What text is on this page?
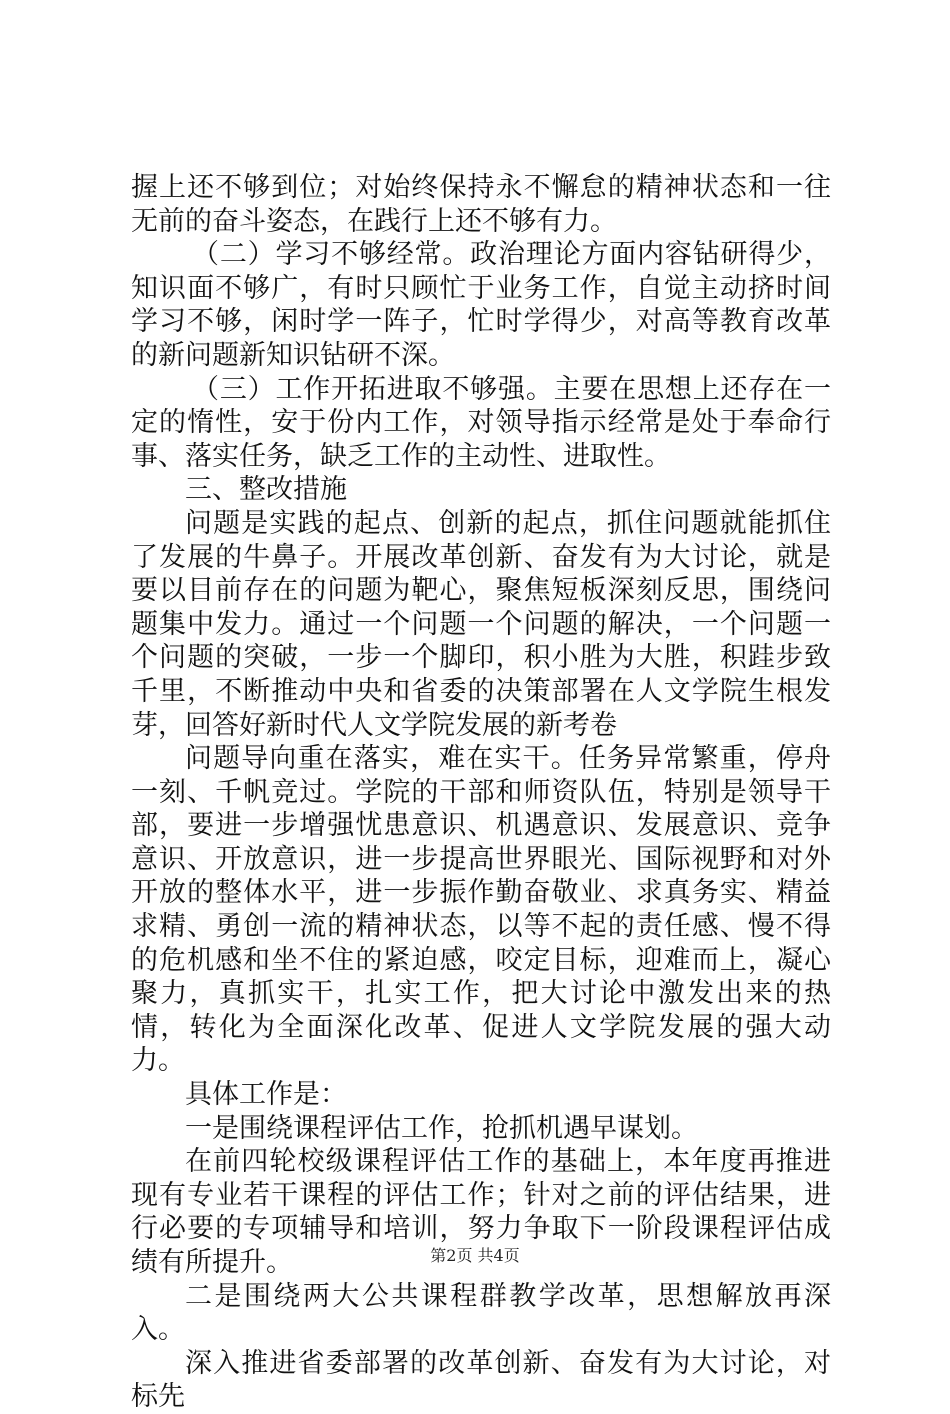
握上还不够到位；对始终保持永不懈怠的精神状态和一往无前的奋斗姿态，在践行上还不够有力。

（二）学习不够经常。政治理论方面内容钻研得少，知识面不够广，有时只顾忙于业务工作，自觉主动挤时间学习不够，闲时学一阵子，忙时学得少，对高等教育改革的新问题新知识钻研不深。

（三）工作开拓进取不够强。主要在思想上还存在一定的惰性，安于份内工作，对领导指示经常是处于奉命行事、落实任务，缺乏工作的主动性、进取性。

三、整改措施

问题是实践的起点、创新的起点，抓住问题就能抓住了发展的牛鼻子。开展改革创新、奋发有为大讨论，就是要以目前存在的问题为靶心，聚焦短板深刻反思，围绕问题集中发力。通过一个问题一个问题的解决，一个问题一个问题的突破，一步一个脚印，积小胜为大胜，积跬步致千里，不断推动中央和省委的决策部署在人文学院生根发芽，回答好新时代人文学院发展的新考卷

问题导向重在落实，难在实干。任务异常繁重，停舟一刻、千帆竞过。学院的干部和师资队伍，特别是领导干部，要进一步增强忧患意识、机遇意识、发展意识、竞争意识、开放意识，进一步提高世界眼光、国际视野和对外开放的整体水平，进一步振作勤奋敬业、求真务实、精益求精、勇创一流的精神状态，以等不起的责任感、慢不得的危机感和坐不住的紧迫感，咬定目标，迎难而上，凝心聚力，真抓实干，扎实工作，把大讨论中激发出来的热情，转化为全面深化改革、促进人文学院发展的强大动力。

具体工作是：

一是围绕课程评估工作，抢抓机遇早谋划。

在前四轮校级课程评估工作的基础上，本年度再推进现有专业若干课程的评估工作；针对之前的评估结果，进行必要的专项辅导和培训，努力争取下一阶段课程评估成绩有所提升。

二是围绕两大公共课程群教学改革，思想解放再深入。

深入推进省委部署的改革创新、奋发有为大讨论，对标先

第2页 共4页
